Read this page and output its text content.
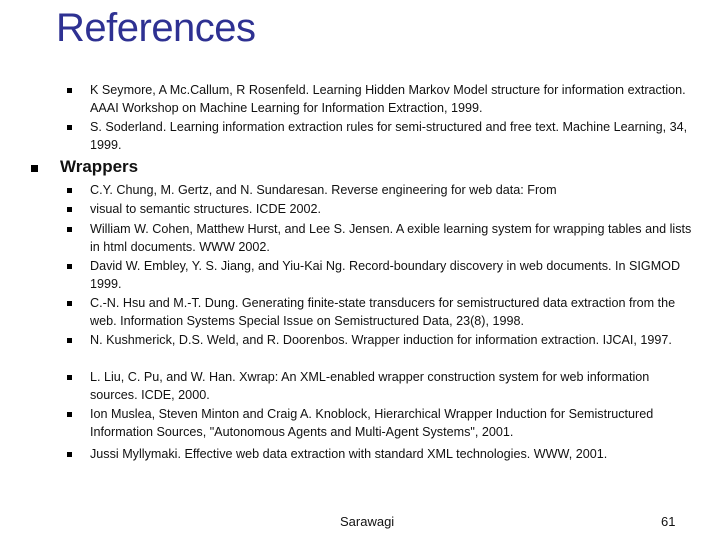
References
K Seymore, A Mc.Callum, R Rosenfeld. Learning Hidden Markov Model structure for information extraction. AAAI Workshop on Machine Learning for Information Extraction, 1999.
S. Soderland. Learning information extraction rules for semi-structured and free text. Machine Learning, 34, 1999.
Wrappers
C.Y. Chung, M. Gertz, and N. Sundaresan. Reverse engineering for web data: From
visual to semantic structures. ICDE 2002.
William W. Cohen, Matthew Hurst, and Lee S. Jensen. A exible learning system for wrapping tables and lists in html documents. WWW 2002.
David W. Embley, Y. S. Jiang, and Yiu-Kai Ng. Record-boundary discovery in web documents. In SIGMOD 1999.
C.-N. Hsu and M.-T. Dung. Generating finite-state transducers for semistructured data extraction from the web. Information Systems Special Issue on Semistructured Data, 23(8), 1998.
N. Kushmerick, D.S. Weld, and R. Doorenbos. Wrapper induction for information extraction. IJCAI, 1997.
L. Liu, C. Pu, and W. Han. Xwrap: An XML-enabled wrapper construction system for web information sources. ICDE, 2000.
Ion Muslea, Steven Minton and Craig A. Knoblock, Hierarchical Wrapper Induction for Semistructured Information Sources, "Autonomous Agents and Multi-Agent Systems", 2001.
Jussi Myllymaki. Effective web data extraction with standard XML technologies. WWW, 2001.
Sarawagi	61
